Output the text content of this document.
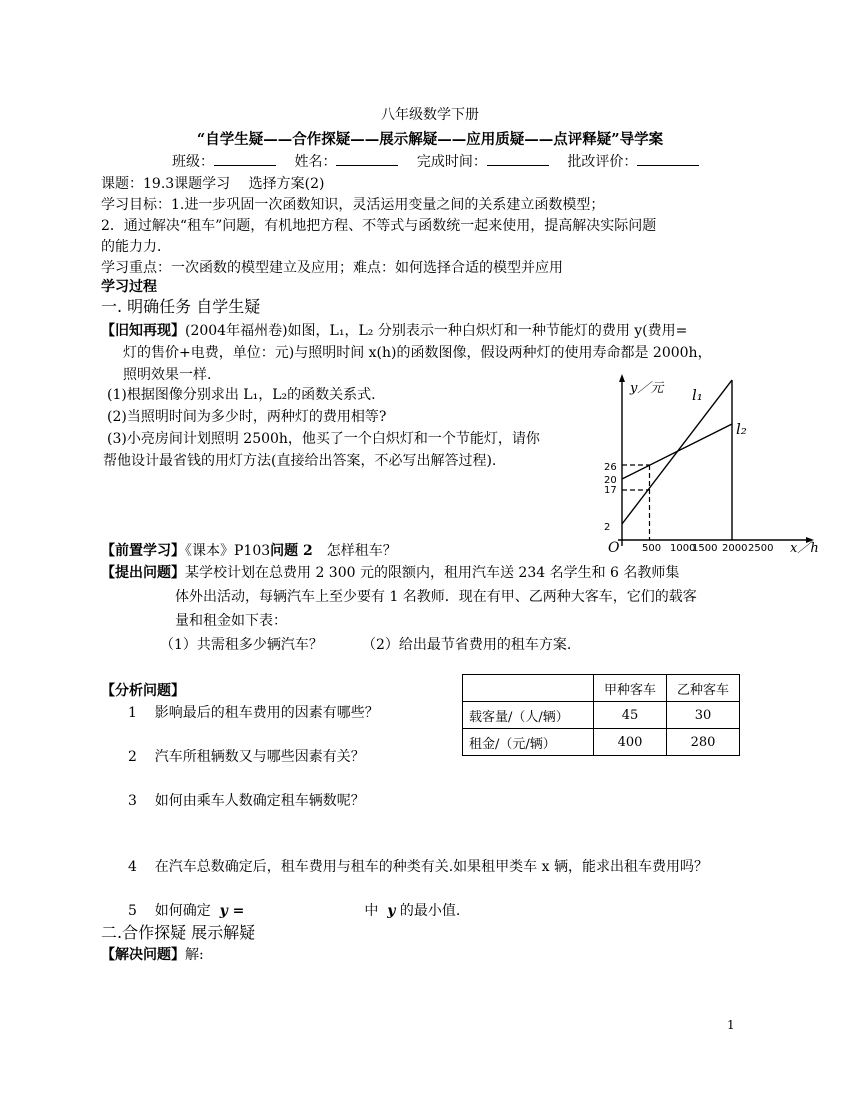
八年级数学下册
“自学生疑——合作探疑——展示解疑——应用质疑——点评释疑”导学案
班级：	姓名：	完成时间：	批改评价：
课题：19.3课题学习　 选择方案(2)
学习目标：1.进一步巩固一次函数知识，灵活运用变量之间的关系建立函数模型；
2．通过解决“租车”问题，有机地把方程、不等式与函数统一起来使用，提高解决实际问题
的能力力．
学习重点：一次函数的模型建立及应用；难点：如何选择合适的模型并应用
学习过程
一. 明确任务 自学生疑
【旧知再现】(2004年福州卷)如图，L₁，L₂ 分别表示一种白炽灯和一种节能灯的费用 y(费用=
灯的售价+电费，单位：元)与照明时间 x(h)的函数图像，假设两种灯的使用寿命都是 2000h，
照明效果一样.
(1)根据图像分别求出 L₁，L₂的函数关系式.
(2)当照明时间为多少时，两种灯的费用相等?
(3)小亮房间计划照明 2500h，他买了一个白炽灯和一个节能灯，请你
帮他设计最省钱的用灯方法(直接给出答案，不必写出解答过程).
y／元
x／h
O
l₁
l₂
2
17
20
26
500 1000
1500 2000 2500
【前置学习】《课本》P103问题 2　怎样租车？
【提出问题】某学校计划在总费用 2 300 元的限额内，租用汽车送 234 名学生和 6 名教师集
体外出活动，每辆汽车上至少要有 1 名教师．现在有甲、乙两种大客车，它们的载客
量和租金如下表：
（1）共需租多少辆汽车？	（2）给出最节省费用的租车方案.
	甲种客车	乙种客车
载客量/（人/辆）	45	30
租金/（元/辆）	400	280
【分析问题】
1 影响最后的租车费用的因素有哪些？
2 汽车所租辆数又与哪些因素有关？
3 如何由乘车人数确定租车辆数呢？
4 在汽车总数确定后，租车费用与租车的种类有关.如果租甲类车 x 辆，能求出租车费用吗？
5 如何确定 y =	中 y 的最小值.
二.合作探疑 展示解疑
【解决问题】解:
1
